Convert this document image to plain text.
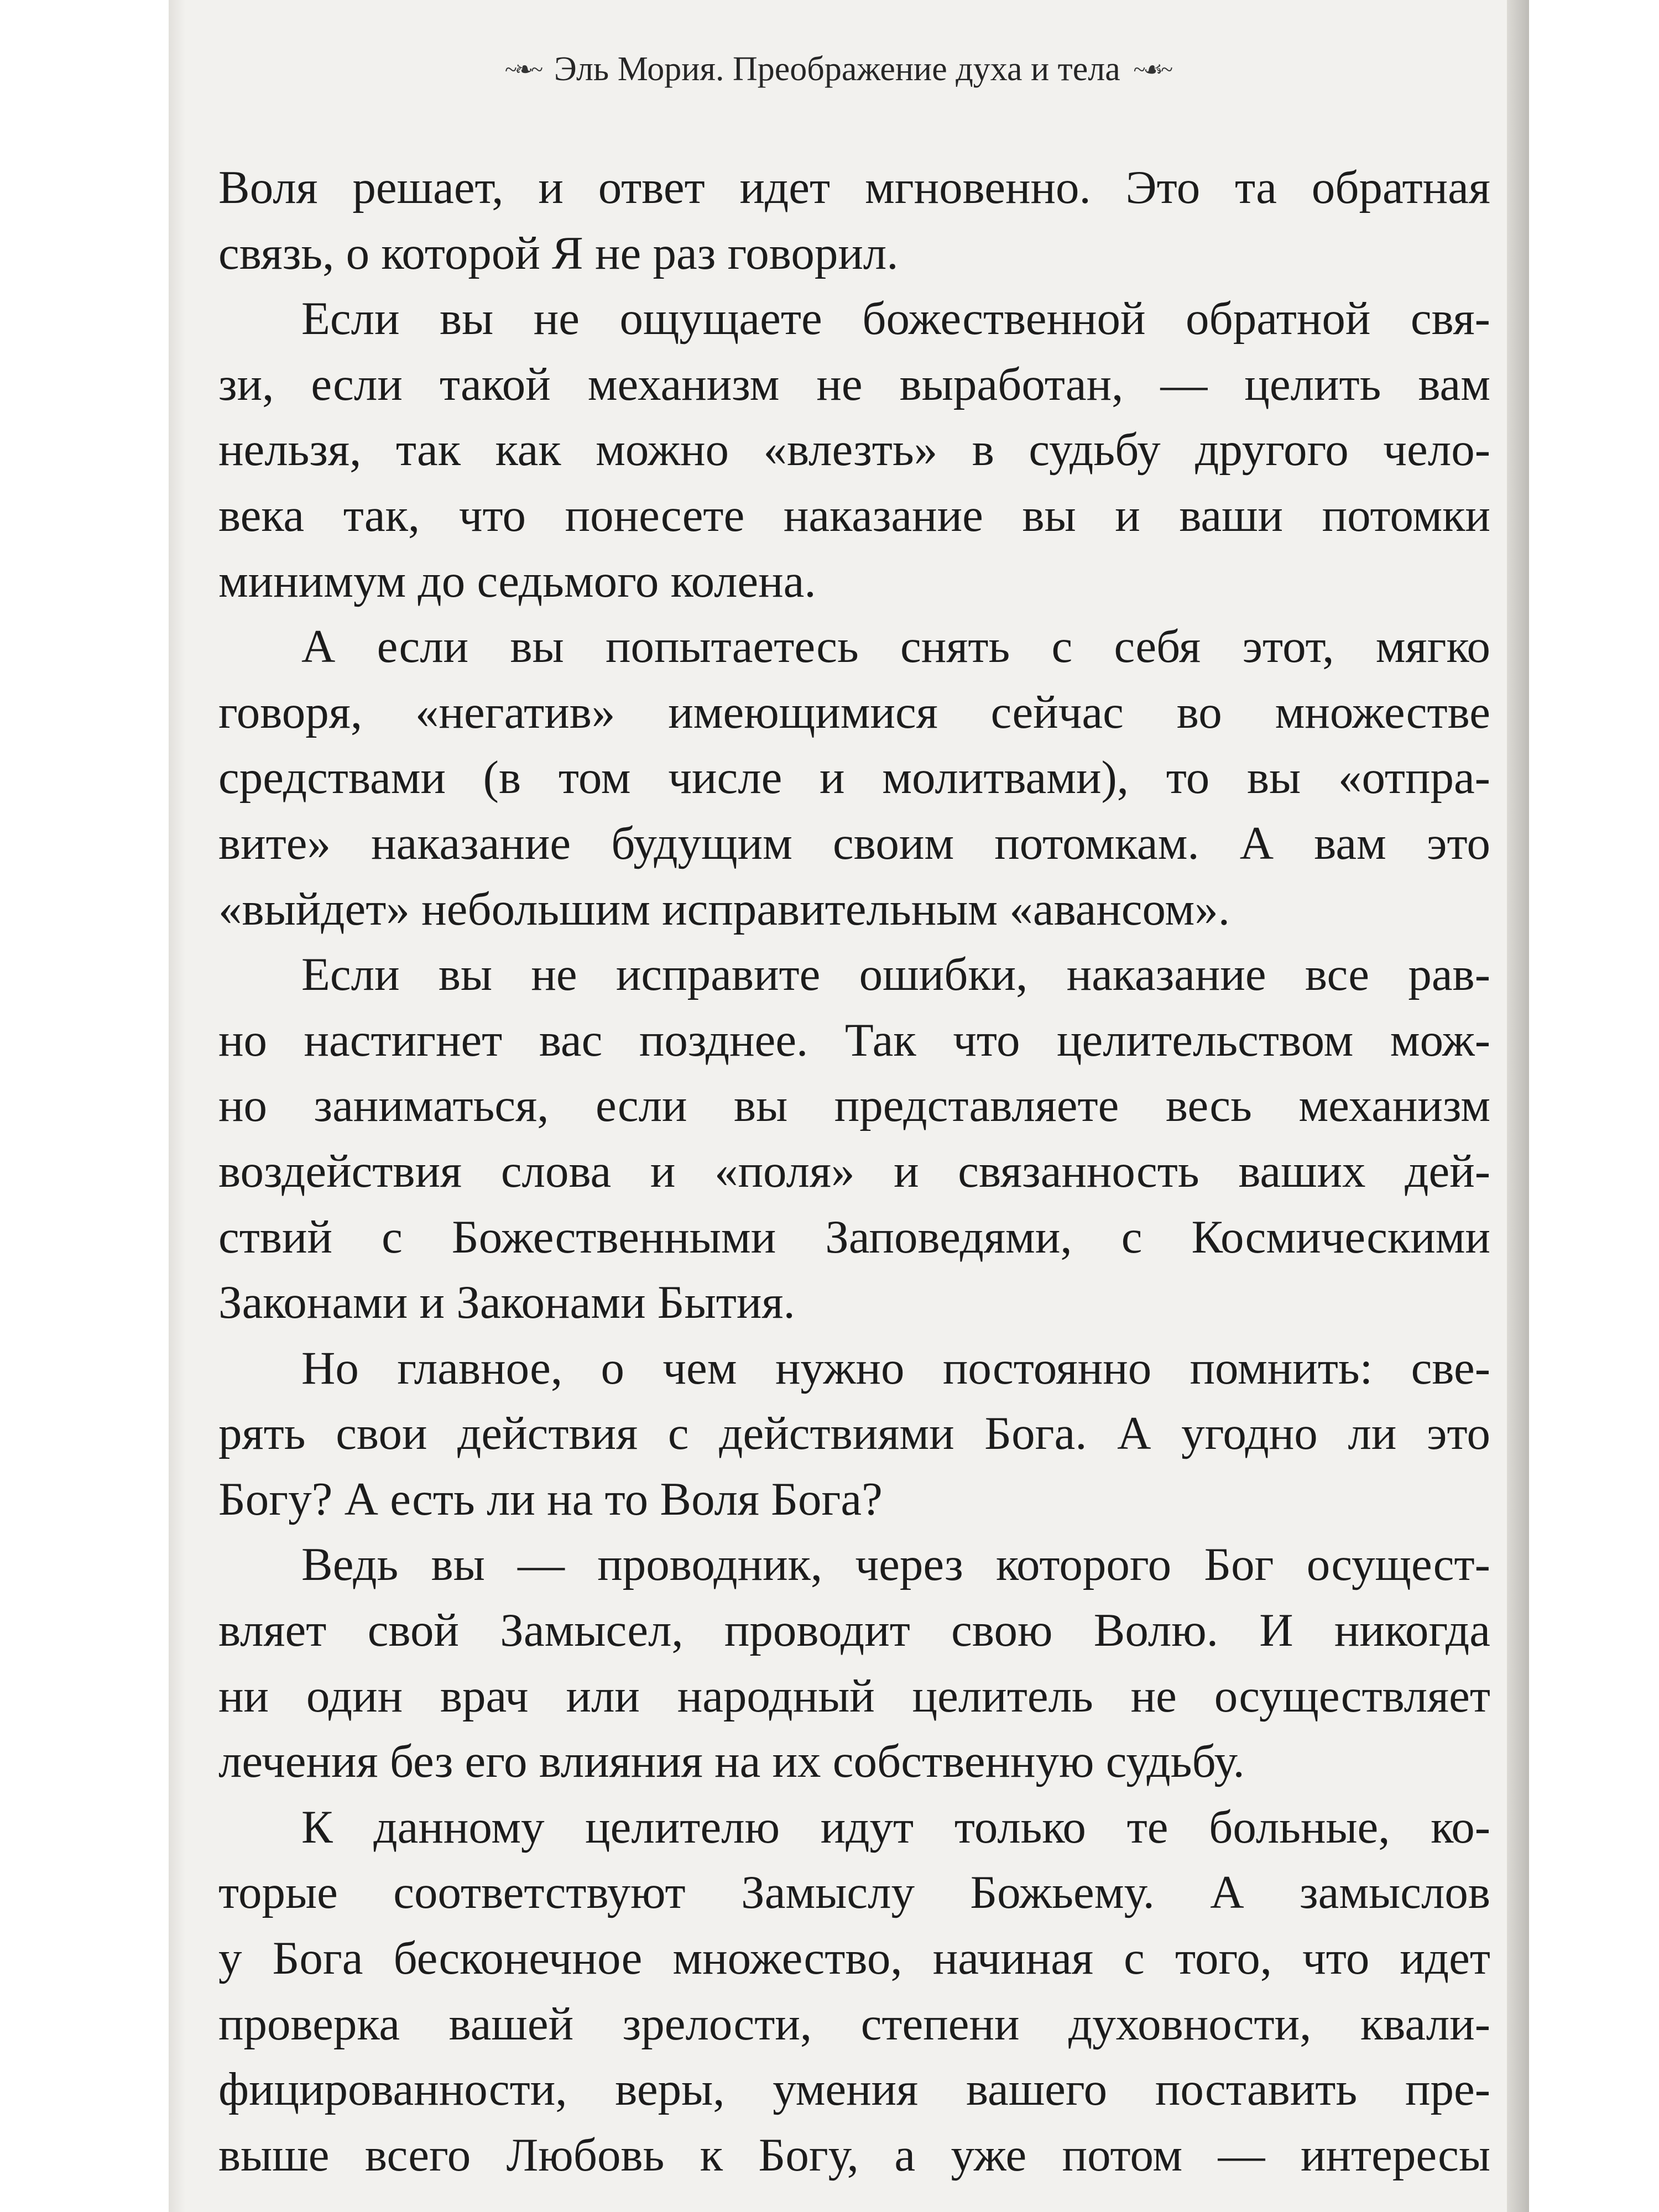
~❧~ Эль Мория. Преображение духа и тела ~☙~

Воля решает, и ответ идет мгновенно. Это та обратная
связь, о которой Я не раз говорил.

Если вы не ощущаете божественной обратной свя-
зи, если такой механизм не выработан, — целить вам
нельзя, так как можно «влезть» в судьбу другого чело-
века так, что понесете наказание вы и ваши потомки
минимум до седьмого колена.

А если вы попытаетесь снять с себя этот, мягко
говоря, «негатив» имеющимися сейчас во множестве
средствами (в том числе и молитвами), то вы «отпра-
вите» наказание будущим своим потомкам. А вам это
«выйдет» небольшим исправительным «авансом».

Если вы не исправите ошибки, наказание все рав-
но настигнет вас позднее. Так что целительством мож-
но заниматься, если вы представляете весь механизм
воздействия слова и «поля» и связанность ваших дей-
ствий с Божественными Заповедями, с Космическими
Законами и Законами Бытия.

Но главное, о чем нужно постоянно помнить: све-
рять свои действия с действиями Бога. А угодно ли это
Богу? А есть ли на то Воля Бога?

Ведь вы — проводник, через которого Бог осущест-
вляет свой Замысел, проводит свою Волю. И никогда
ни один врач или народный целитель не осуществляет
лечения без его влияния на их собственную судьбу.

К данному целителю идут только те больные, ко-
торые соответствуют Замыслу Божьему. А замыслов
у Бога бесконечное множество, начиная с того, что идет
проверка вашей зрелости, степени духовности, квали-
фицированности, веры, умения вашего поставить пре-
выше всего Любовь к Богу, а уже потом — интересы
